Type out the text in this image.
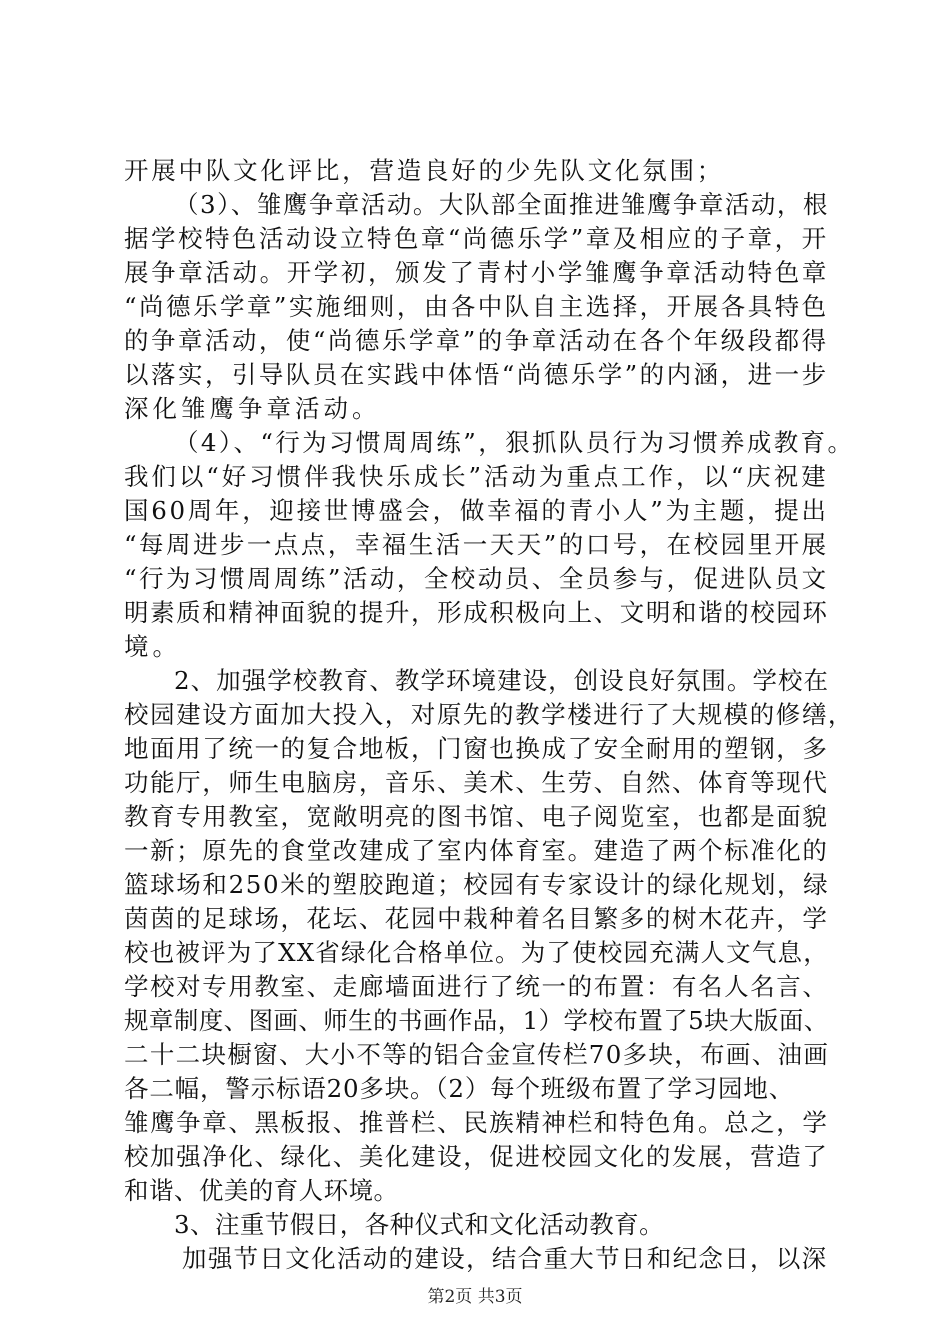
开展中队文化评比，营造良好的少先队文化氛围；
（3）、雏鹰争章活动。大队部全面推进雏鹰争章活动，根
据学校特色活动设立特色章“尚德乐学”章及相应的子章，开
展争章活动。开学初，颁发了青村小学雏鹰争章活动特色章
“尚德乐学章”实施细则，由各中队自主选择，开展各具特色
的争章活动，使“尚德乐学章”的争章活动在各个年级段都得
以落实，引导队员在实践中体悟“尚德乐学”的内涵，进一步
深化雏鹰争章活动。
（4）、“行为习惯周周练”，狠抓队员行为习惯养成教育。
我们以“好习惯伴我快乐成长”活动为重点工作，以“庆祝建
国60周年，迎接世博盛会，做幸福的青小人”为主题，提出
“每周进步一点点，幸福生活一天天”的口号，在校园里开展
“行为习惯周周练”活动，全校动员、全员参与，促进队员文
明素质和精神面貌的提升，形成积极向上、文明和谐的校园环
境。
2、加强学校教育、教学环境建设，创设良好氛围。学校在
校园建设方面加大投入，对原先的教学楼进行了大规模的修缮，
地面用了统一的复合地板，门窗也换成了安全耐用的塑钢，多
功能厅，师生电脑房，音乐、美术、生劳、自然、体育等现代
教育专用教室，宽敞明亮的图书馆、电子阅览室，也都是面貌
一新；原先的食堂改建成了室内体育室。建造了两个标准化的
篮球场和250米的塑胶跑道；校园有专家设计的绿化规划，绿
茵茵的足球场，花坛、花园中栽种着名目繁多的树木花卉，学
校也被评为了XX省绿化合格单位。为了使校园充满人文气息，
学校对专用教室、走廊墙面进行了统一的布置：有名人名言、
规章制度、图画、师生的书画作品，1）学校布置了5块大版面、
二十二块橱窗、大小不等的铝合金宣传栏70多块，布画、油画
各二幅，警示标语20多块。（2）每个班级布置了学习园地、
雏鹰争章、黑板报、推普栏、民族精神栏和特色角。总之，学
校加强净化、绿化、美化建设，促进校园文化的发展，营造了
和谐、优美的育人环境。
3、注重节假日，各种仪式和文化活动教育。
加强节日文化活动的建设，结合重大节日和纪念日，以深
第2页 共3页
